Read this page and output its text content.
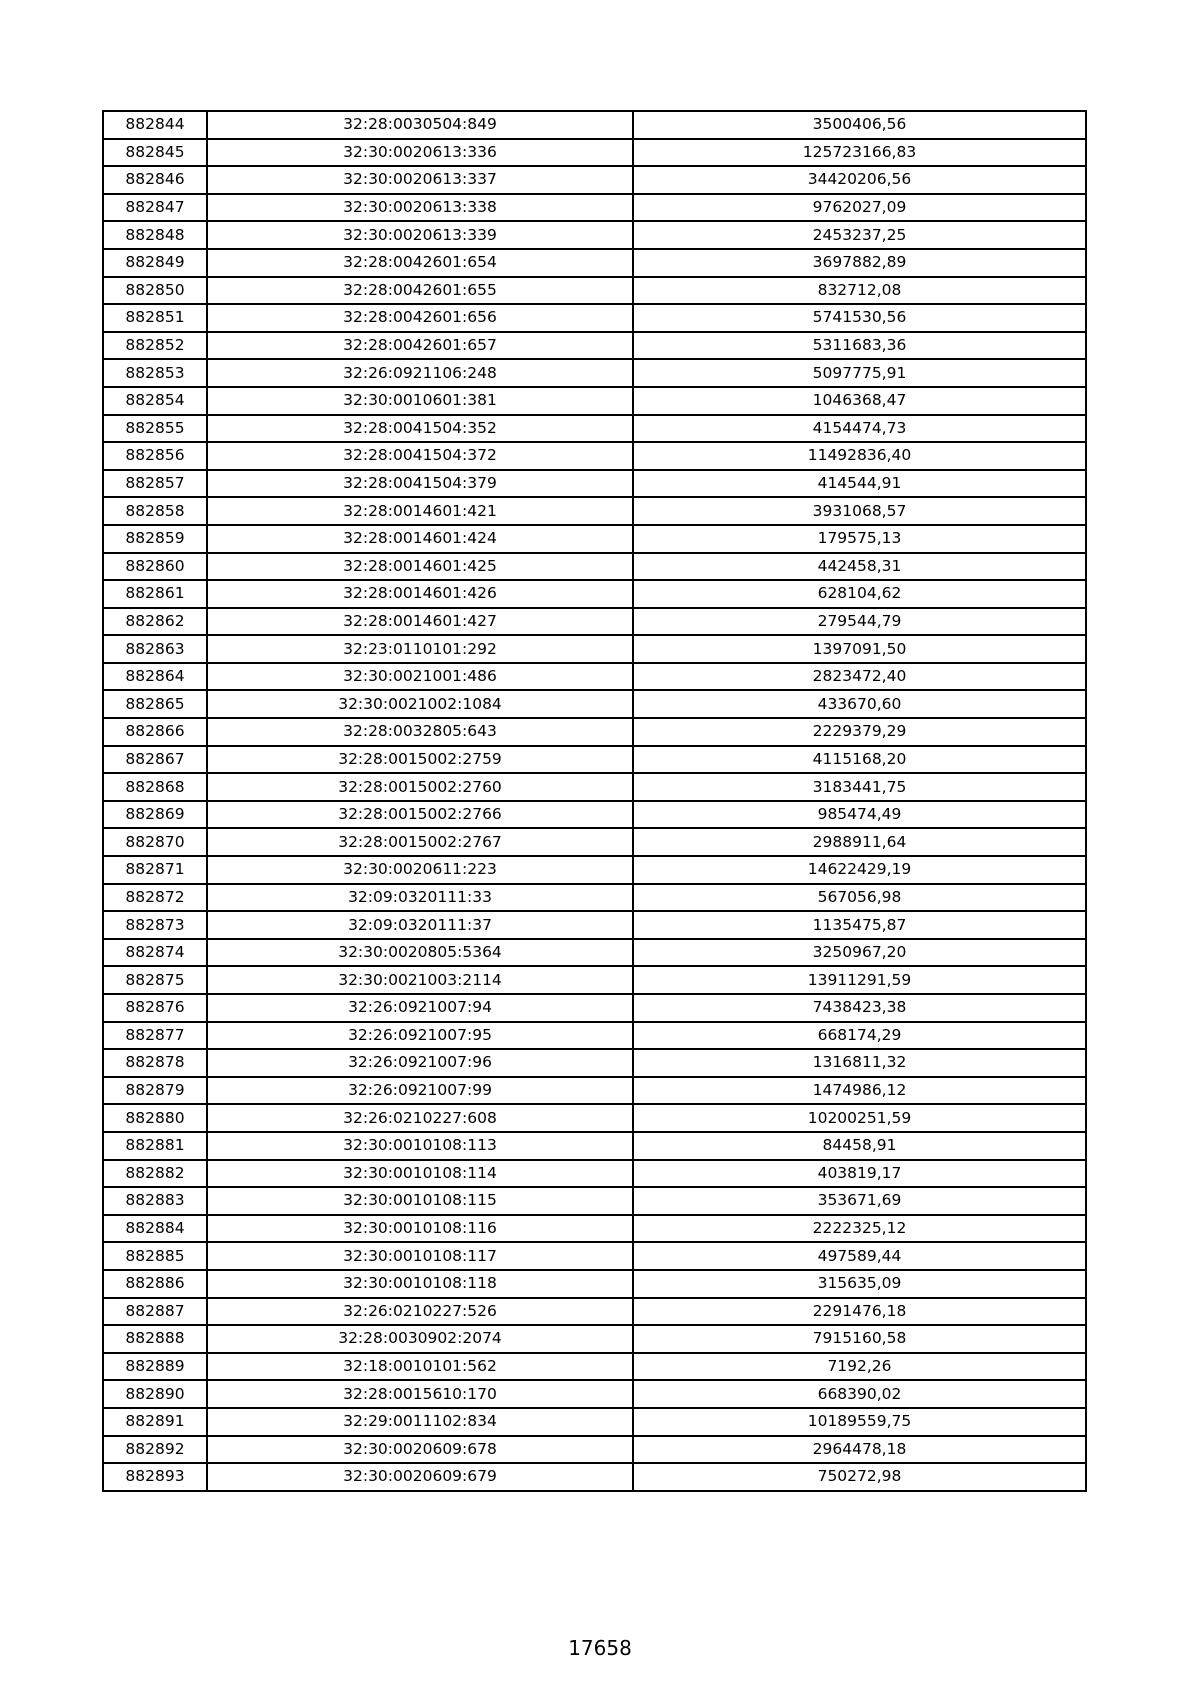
882844	32:28:0030504:849	3500406,56
882845	32:30:0020613:336	125723166,83
882846	32:30:0020613:337	34420206,56
882847	32:30:0020613:338	9762027,09
882848	32:30:0020613:339	2453237,25
882849	32:28:0042601:654	3697882,89
882850	32:28:0042601:655	832712,08
882851	32:28:0042601:656	5741530,56
882852	32:28:0042601:657	5311683,36
882853	32:26:0921106:248	5097775,91
882854	32:30:0010601:381	1046368,47
882855	32:28:0041504:352	4154474,73
882856	32:28:0041504:372	11492836,40
882857	32:28:0041504:379	414544,91
882858	32:28:0014601:421	3931068,57
882859	32:28:0014601:424	179575,13
882860	32:28:0014601:425	442458,31
882861	32:28:0014601:426	628104,62
882862	32:28:0014601:427	279544,79
882863	32:23:0110101:292	1397091,50
882864	32:30:0021001:486	2823472,40
882865	32:30:0021002:1084	433670,60
882866	32:28:0032805:643	2229379,29
882867	32:28:0015002:2759	4115168,20
882868	32:28:0015002:2760	3183441,75
882869	32:28:0015002:2766	985474,49
882870	32:28:0015002:2767	2988911,64
882871	32:30:0020611:223	14622429,19
882872	32:09:0320111:33	567056,98
882873	32:09:0320111:37	1135475,87
882874	32:30:0020805:5364	3250967,20
882875	32:30:0021003:2114	13911291,59
882876	32:26:0921007:94	7438423,38
882877	32:26:0921007:95	668174,29
882878	32:26:0921007:96	1316811,32
882879	32:26:0921007:99	1474986,12
882880	32:26:0210227:608	10200251,59
882881	32:30:0010108:113	84458,91
882882	32:30:0010108:114	403819,17
882883	32:30:0010108:115	353671,69
882884	32:30:0010108:116	2222325,12
882885	32:30:0010108:117	497589,44
882886	32:30:0010108:118	315635,09
882887	32:26:0210227:526	2291476,18
882888	32:28:0030902:2074	7915160,58
882889	32:18:0010101:562	7192,26
882890	32:28:0015610:170	668390,02
882891	32:29:0011102:834	10189559,75
882892	32:30:0020609:678	2964478,18
882893	32:30:0020609:679	750272,98
17658
